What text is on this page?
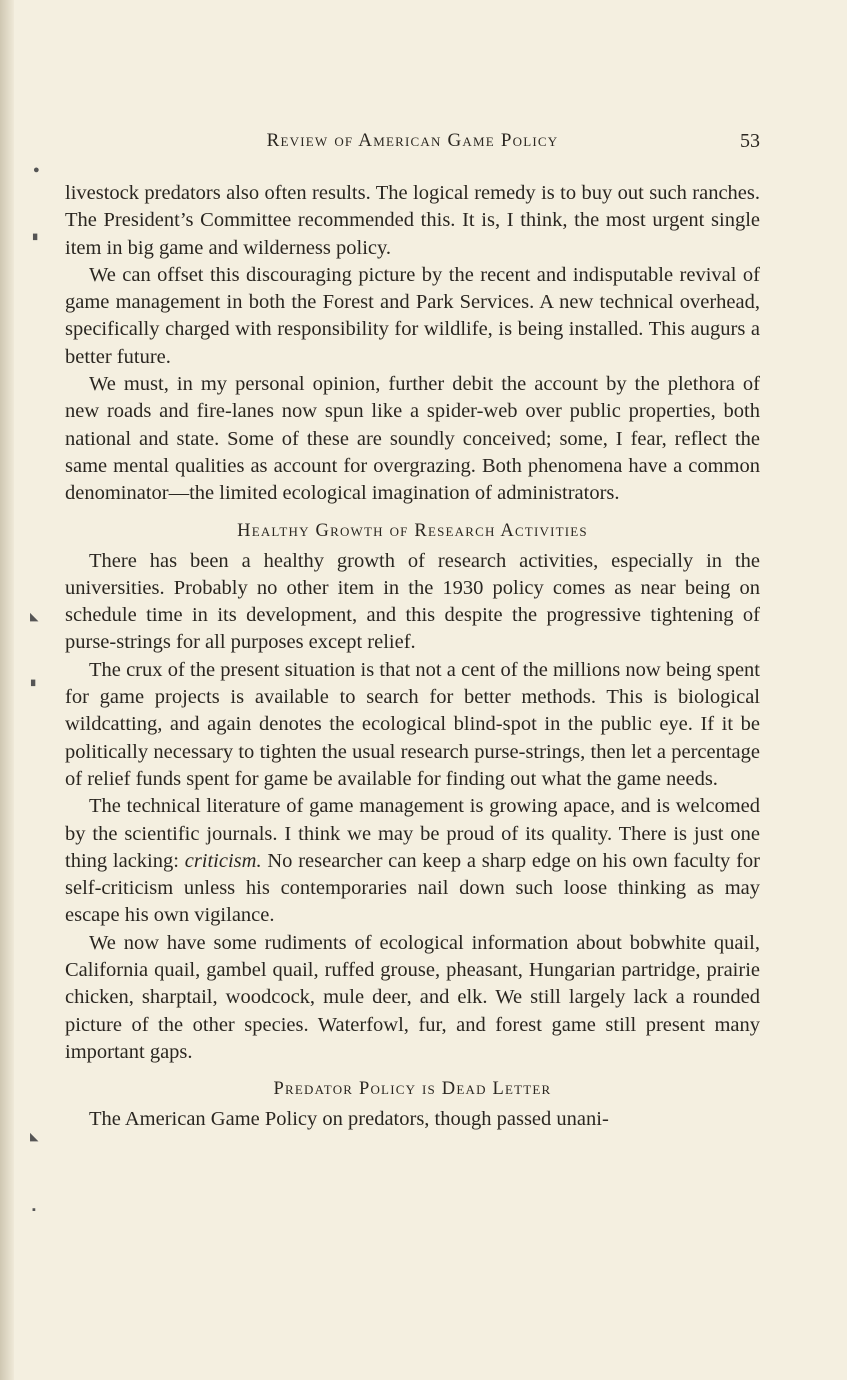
●
▘
◣
▘
◣
▪
Review of American Game Policy	53

livestock predators also often results. The logical remedy is to buy out such ranches. The President’s Committee recommended this. It is, I think, the most urgent single item in big game and wilderness policy.

We can offset this discouraging picture by the recent and indisputable revival of game management in both the Forest and Park Services. A new technical overhead, specifically charged with responsibility for wildlife, is being installed. This augurs a better future.

We must, in my personal opinion, further debit the account by the plethora of new roads and fire-lanes now spun like a spider-web over public properties, both national and state. Some of these are soundly conceived; some, I fear, reflect the same mental qualities as account for overgrazing. Both phenomena have a common denominator—the limited ecological imagination of administrators.

Healthy Growth of Research Activities

There has been a healthy growth of research activities, especially in the universities. Probably no other item in the 1930 policy comes as near being on schedule time in its development, and this despite the progressive tightening of purse-strings for all purposes except relief.

The crux of the present situation is that not a cent of the millions now being spent for game projects is available to search for better methods. This is biological wildcatting, and again denotes the ecological blind-spot in the public eye. If it be politically necessary to tighten the usual research purse-strings, then let a percentage of relief funds spent for game be available for finding out what the game needs.

The technical literature of game management is growing apace, and is welcomed by the scientific journals. I think we may be proud of its quality. There is just one thing lacking: criticism. No researcher can keep a sharp edge on his own faculty for self-criticism unless his contemporaries nail down such loose thinking as may escape his own vigilance.

We now have some rudiments of ecological information about bobwhite quail, California quail, gambel quail, ruffed grouse, pheasant, Hungarian partridge, prairie chicken, sharptail, woodcock, mule deer, and elk. We still largely lack a rounded picture of the other species. Waterfowl, fur, and forest game still present many important gaps.

Predator Policy is Dead Letter

The American Game Policy on predators, though passed unani-
